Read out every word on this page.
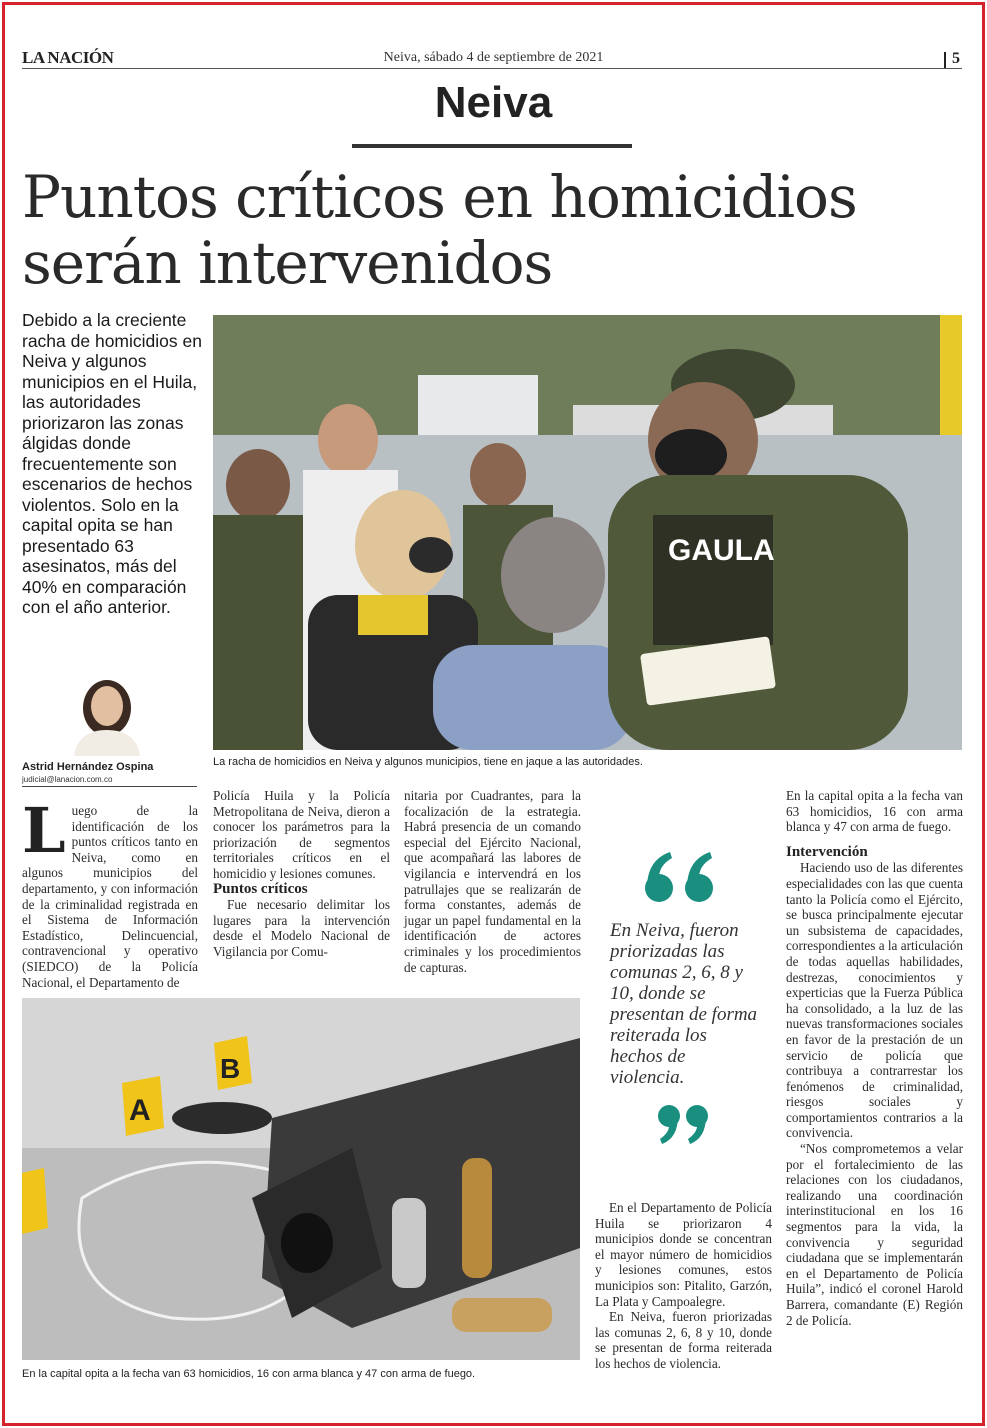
LA NACIÓN	Neiva, sábado 4 de septiembre de 2021	5
Neiva
Puntos críticos en homicidios
serán intervenidos
Debido a la creciente racha de homicidios en Neiva y algunos municipios en el Huila, las autoridades priorizaron las zonas álgidas donde frecuentemente son escenarios de hechos violentos. Solo en la capital opita se han presentado 63 asesinatos, más del 40% en comparación con el año anterior.
GAULA
La racha de homicidios en Neiva y algunos municipios, tiene en jaque a las autoridades.
Astrid Hernández Ospina
judicial@lanacion.com.co
L uego de la identificación de los puntos críticos tanto en Neiva, como en algunos municipios del departamento, y con información de la criminalidad registrada en el Sistema de Información Estadístico, Delincuencial, contravencional y operativo (SIEDCO) de la Policía Nacional, el Departamento de

Policía Huila y la Policía Metropolitana de Neiva, dieron a conocer los parámetros para la priorización de segmentos territoriales críticos en el homicidio y lesiones comunes.

Puntos críticos

Fue necesario delimitar los lugares para la intervención desde el Modelo Nacional de Vigilancia por Comu-

nitaria por Cuadrantes, para la focalización de la estrategia. Habrá presencia de un comando especial del Ejército Nacional, que acompañará las labores de vigilancia e intervendrá en los patrullajes que se realizarán de forma constantes, además de jugar un papel fundamental en la identificación de actores criminales y los procedimientos de capturas.

En Neiva, fueron priorizadas las comunas 2, 6, 8 y 10, donde se presentan de forma reiterada los hechos de violencia.

En el Departamento de Policía Huila se priorizaron 4 municipios donde se concentran el mayor número de homicidios y lesiones comunes, estos municipios son: Pitalito, Garzón, La Plata y Campoalegre.

En Neiva, fueron priorizadas las comunas 2, 6, 8 y 10, donde se presentan de forma reiterada los hechos de violencia.

En la capital opita a la fecha van 63 homicidios, 16 con arma blanca y 47 con arma de fuego.

Intervención

Haciendo uso de las diferentes especialidades con las que cuenta tanto la Policía como el Ejército, se busca principalmente ejecutar un subsistema de capacidades, correspondientes a la articulación de todas aquellas habilidades, destrezas, conocimientos y experticias que la Fuerza Pública ha consolidado, a la luz de las nuevas transformaciones sociales en favor de la prestación de un servicio de policía que contribuya a contrarrestar los fenómenos de criminalidad, riesgos sociales y comportamientos contrarios a la convivencia.

“Nos comprometemos a velar por el fortalecimiento de las relaciones con los ciudadanos, realizando una coordinación interinstitucional en los 16 segmentos para la vida, la convivencia y seguridad ciudadana que se implementarán en el Departamento de Policía Huila”, indicó el coronel Harold Barrera, comandante (E) Región 2 de Policía.

A
B
En la capital opita a la fecha van 63 homicidios, 16 con arma blanca y 47 con arma de fuego.
